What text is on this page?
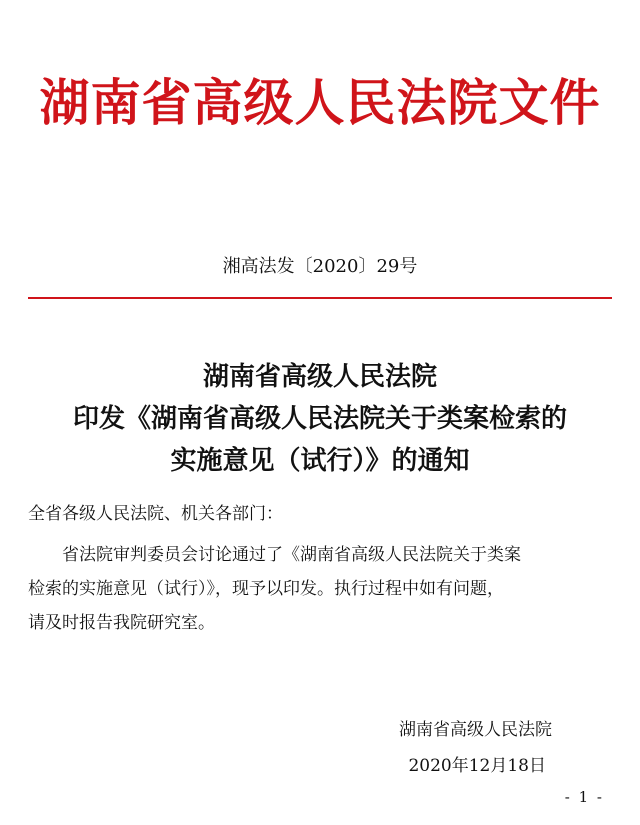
湖南省高级人民法院文件
湘高法发〔2020〕29号
湖南省高级人民法院
印发《湖南省高级人民法院关于类案检索的
实施意见（试行）》的通知
全省各级人民法院、机关各部门：
省法院审判委员会讨论通过了《湖南省高级人民法院关于类案
检索的实施意见（试行）》，现予以印发。执行过程中如有问题，
请及时报告我院研究室。
湖南省高级人民法院
2020年12月18日
- 1 -
